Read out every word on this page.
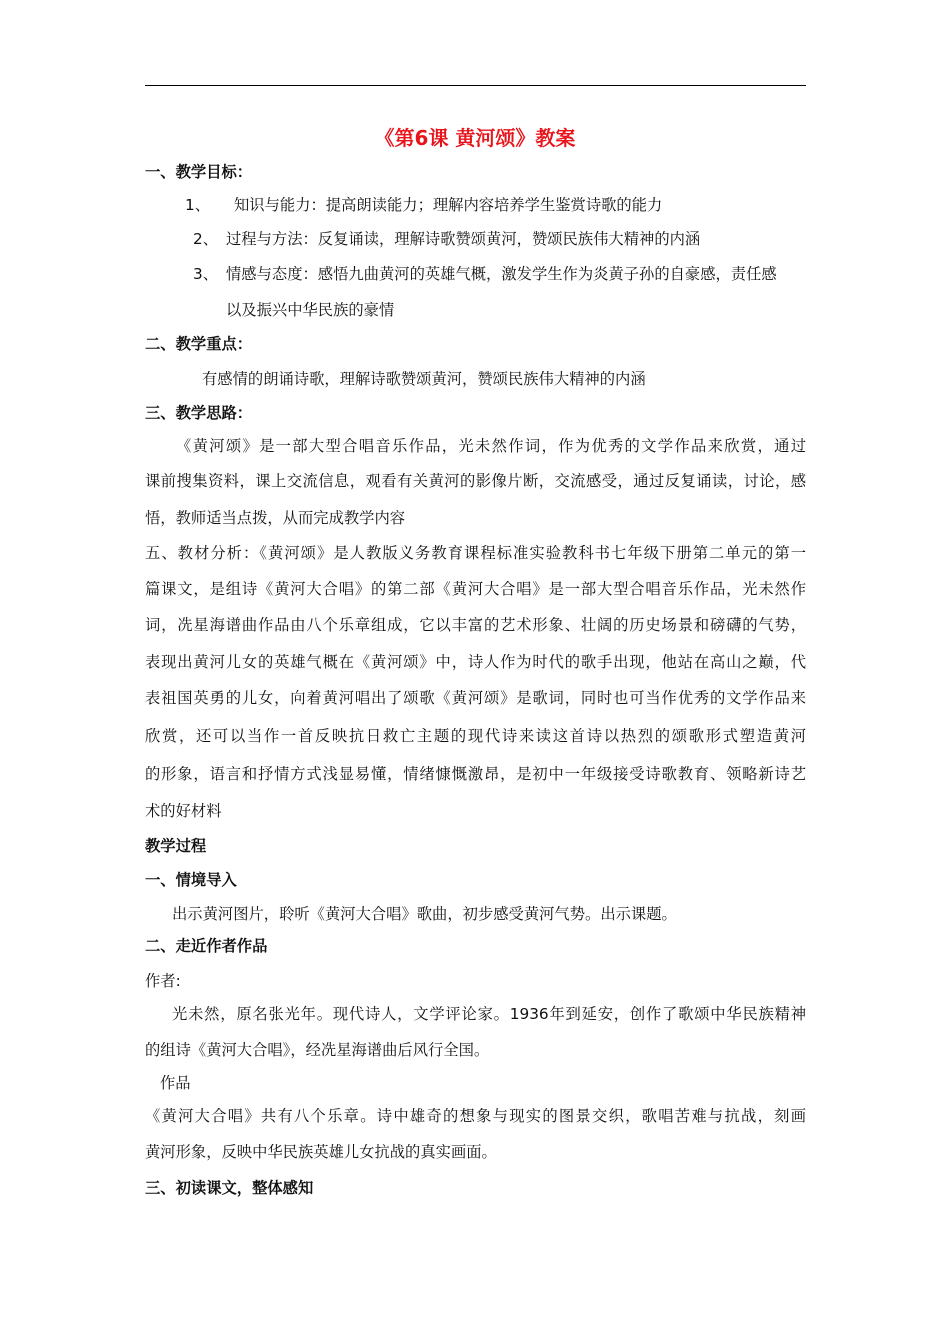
《第6课 黄河颂》教案
一、教学目标：
1、 知识与能力：提高朗读能力；理解内容培养学生鉴赏诗歌的能力
2、 过程与方法：反复诵读，理解诗歌赞颂黄河，赞颂民族伟大精神的内涵
3、 情感与态度：感悟九曲黄河的英雄气概，激发学生作为炎黄子孙的自豪感，责任感
以及振兴中华民族的豪情
二、教学重点：
有感情的朗诵诗歌，理解诗歌赞颂黄河，赞颂民族伟大精神的内涵
三、教学思路：
《黄河颂》是一部大型合唱音乐作品，光未然作词，作为优秀的文学作品来欣赏，通过
课前搜集资料，课上交流信息，观看有关黄河的影像片断，交流感受，通过反复诵读，讨论，感
悟，教师适当点拨，从而完成教学内容
五、教材分析：《黄河颂》是人教版义务教育课程标准实验教科书七年级下册第二单元的第一
篇课文，是组诗《黄河大合唱》的第二部《黄河大合唱》是一部大型合唱音乐作品，光未然作
词，冼星海谱曲作品由八个乐章组成，它以丰富的艺术形象、壮阔的历史场景和磅礴的气势，
表现出黄河儿女的英雄气概在《黄河颂》中，诗人作为时代的歌手出现，他站在高山之巅，代
表祖国英勇的儿女，向着黄河唱出了颂歌《黄河颂》是歌词，同时也可当作优秀的文学作品来
欣赏，还可以当作一首反映抗日救亡主题的现代诗来读这首诗以热烈的颂歌形式塑造黄河
的形象，语言和抒情方式浅显易懂，情绪慷慨激昂，是初中一年级接受诗歌教育、领略新诗艺
术的好材料
教学过程
一、情境导入
出示黄河图片，聆听《黄河大合唱》歌曲，初步感受黄河气势。出示课题。
二、走近作者作品
作者:
光未然，原名张光年。现代诗人，文学评论家。1936年到延安，创作了歌颂中华民族精神
的组诗《黄河大合唱》，经冼星海谱曲后风行全国。
作品
《黄河大合唱》共有八个乐章。诗中雄奇的想象与现实的图景交织，歌唱苦难与抗战，刻画
黄河形象，反映中华民族英雄儿女抗战的真实画面。
三、初读课文，整体感知
